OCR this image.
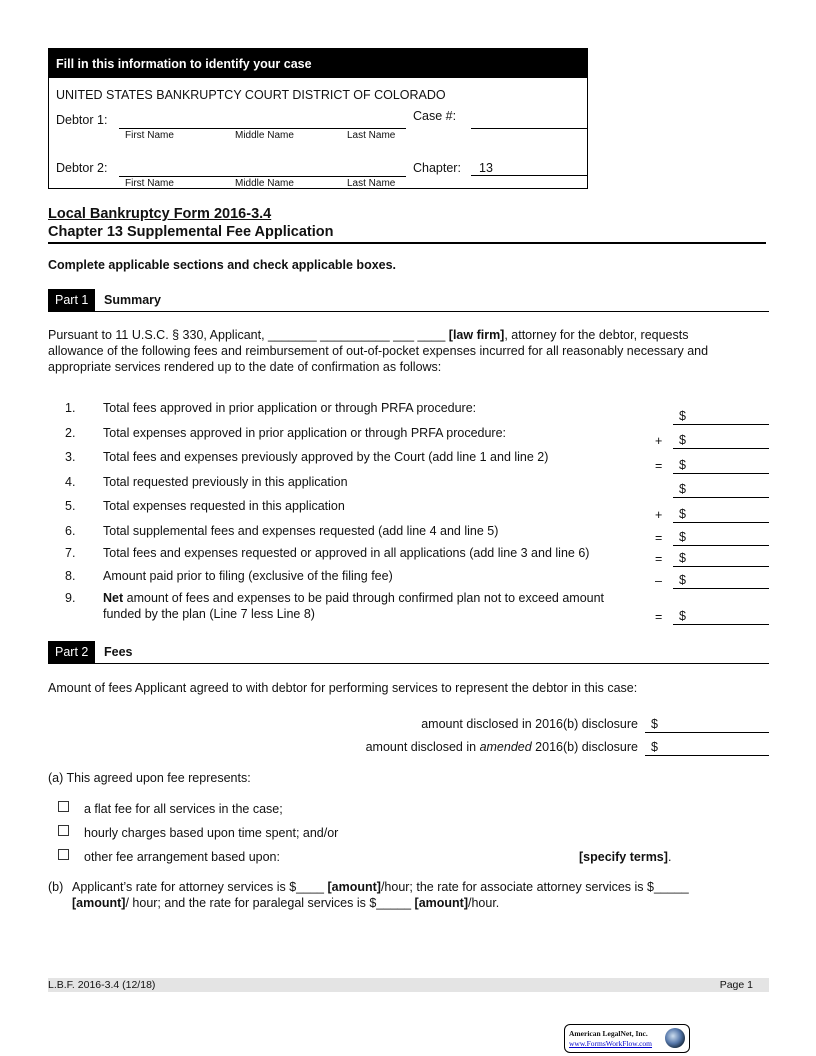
Fill in this information to identify your case
UNITED STATES BANKRUPTCY COURT DISTRICT OF COLORADO
Debtor 1:
First Name	Middle Name	Last Name
Case #:
Debtor 2:
First Name	Middle Name	Last Name
Chapter:	13
Local Bankruptcy Form 2016-3.4
Chapter 13 Supplemental Fee Application
Complete applicable sections and check applicable boxes.
Part 1	Summary
Pursuant to 11 U.S.C. § 330, Applicant, _______ __________ ___ ____ [law firm], attorney for the debtor, requests
allowance of the following fees and reimbursement of out-of-pocket expenses incurred for all reasonably necessary and
appropriate services rendered up to the date of confirmation as follows:
1. Total fees approved in prior application or through PRFA procedure:
$
2. Total expenses approved in prior application or through PRFA procedure:
+ $
3. Total fees and expenses previously approved by the Court (add line 1 and line 2)
= $
4. Total requested previously in this application	$
5. Total expenses requested in this application
+ $
6. Total supplemental fees and expenses requested (add line 4 and line 5)	= $
7. Total fees and expenses requested or approved in all applications (add line 3 and line 6)	= $
8. Amount paid prior to filing (exclusive of the filing fee)	– $
9. Net amount of fees and expenses to be paid through confirmed plan not to exceed amount
funded by the plan (Line 7 less Line 8)	= $
Part 2	Fees
Amount of fees Applicant agreed to with debtor for performing services to represent the debtor in this case:
amount disclosed in 2016(b) disclosure $
amount disclosed in amended 2016(b) disclosure $
(a) This agreed upon fee represents:
a flat fee for all services in the case;
hourly charges based upon time spent; and/or
other fee arrangement based upon:	[specify terms].
(b) Applicant’s rate for attorney services is $____ [amount]/hour; the rate for associate attorney services is $_____
[amount]/ hour; and the rate for paralegal services is $_____ [amount]/hour.
L.B.F. 2016-3.4 (12/18)	Page 1
American LegalNet, Inc.
www.FormsWorkFlow.com
